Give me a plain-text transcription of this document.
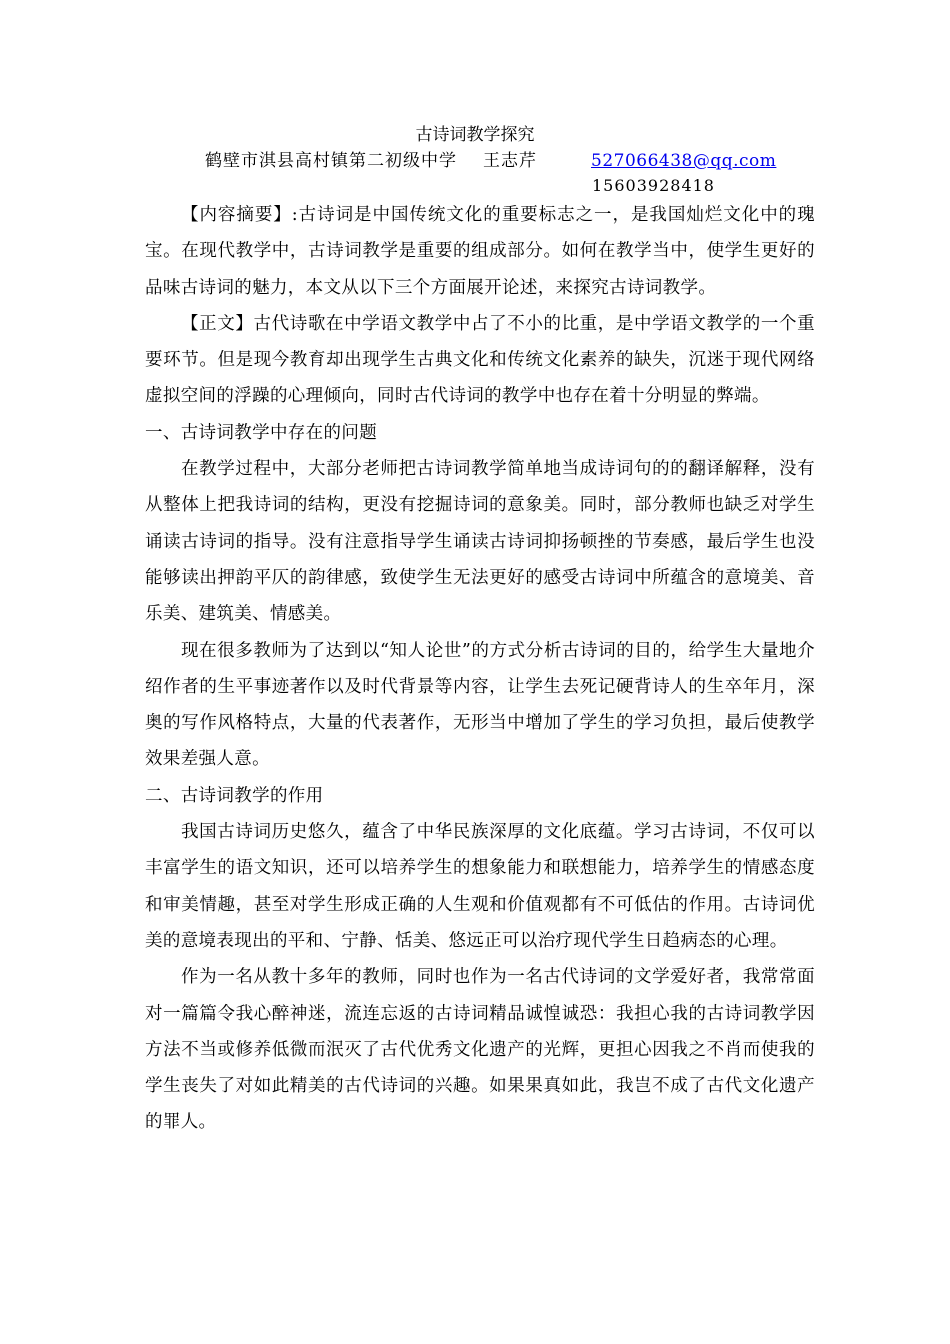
古诗词教学探究
鹤壁市淇县高村镇第二初级中学 王志芹	527066438@qq.com
15603928418

【内容摘要】:古诗词是中国传统文化的重要标志之一，是我国灿烂文化中的瑰宝。在现代教学中，古诗词教学是重要的组成部分。如何在教学当中，使学生更好的品味古诗词的魅力，本文从以下三个方面展开论述，来探究古诗词教学。

【正文】古代诗歌在中学语文教学中占了不小的比重，是中学语文教学的一个重要环节。但是现今教育却出现学生古典文化和传统文化素养的缺失，沉迷于现代网络虚拟空间的浮躁的心理倾向，同时古代诗词的教学中也存在着十分明显的弊端。

一、古诗词教学中存在的问题

在教学过程中，大部分老师把古诗词教学简单地当成诗词句的的翻译解释，没有从整体上把我诗词的结构，更没有挖掘诗词的意象美。同时，部分教师也缺乏对学生诵读古诗词的指导。没有注意指导学生诵读古诗词抑扬顿挫的节奏感，最后学生也没能够读出押韵平仄的韵律感，致使学生无法更好的感受古诗词中所蕴含的意境美、音乐美、建筑美、情感美。

现在很多教师为了达到以“知人论世”的方式分析古诗词的目的，给学生大量地介绍作者的生平事迹著作以及时代背景等内容，让学生去死记硬背诗人的生卒年月，深奥的写作风格特点，大量的代表著作，无形当中增加了学生的学习负担，最后使教学效果差强人意。

二、古诗词教学的作用

我国古诗词历史悠久，蕴含了中华民族深厚的文化底蕴。学习古诗词，不仅可以丰富学生的语文知识，还可以培养学生的想象能力和联想能力，培养学生的情感态度和审美情趣，甚至对学生形成正确的人生观和价值观都有不可低估的作用。古诗词优美的意境表现出的平和、宁静、恬美、悠远正可以治疗现代学生日趋病态的心理。

作为一名从教十多年的教师，同时也作为一名古代诗词的文学爱好者，我常常面对一篇篇令我心醉神迷，流连忘返的古诗词精品诚惶诚恐：我担心我的古诗词教学因方法不当或修养低微而泯灭了古代优秀文化遗产的光辉，更担心因我之不肖而使我的学生丧失了对如此精美的古代诗词的兴趣。如果果真如此，我岂不成了古代文化遗产的罪人。
